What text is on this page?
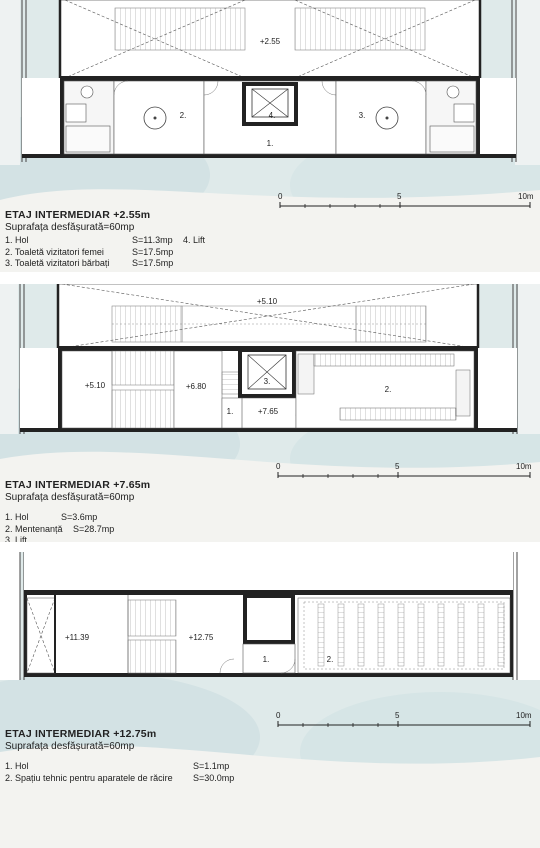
+2.55
2.
1.
4.	3.
0	5	10m
ETAJ INTERMEDIAR +2.55m
Suprafața desfășurată=60mp
1. Hol	S=11.3mp 4. Lift
2. Toaletă vizitatori femei	S=17.5mp
3. Toaletă vizitatori bărbați	S=17.5mp
+5.10
+5.10	+6.80
3.
1.	+7.65
2.
0	5	10m
ETAJ INTERMEDIAR +7.65m
Suprafața desfășurată=60mp
1. Hol	S=3.6mp
2. Mentenanță S=28.7mp
3. Lift
+11.39	+12.75
1.	2.
0	5	10m
ETAJ INTERMEDIAR +12.75m
Suprafața desfășurată=60mp
1. Hol	S=1.1mp
2. Spațiu tehnic pentru aparatele de răcire S=30.0mp
